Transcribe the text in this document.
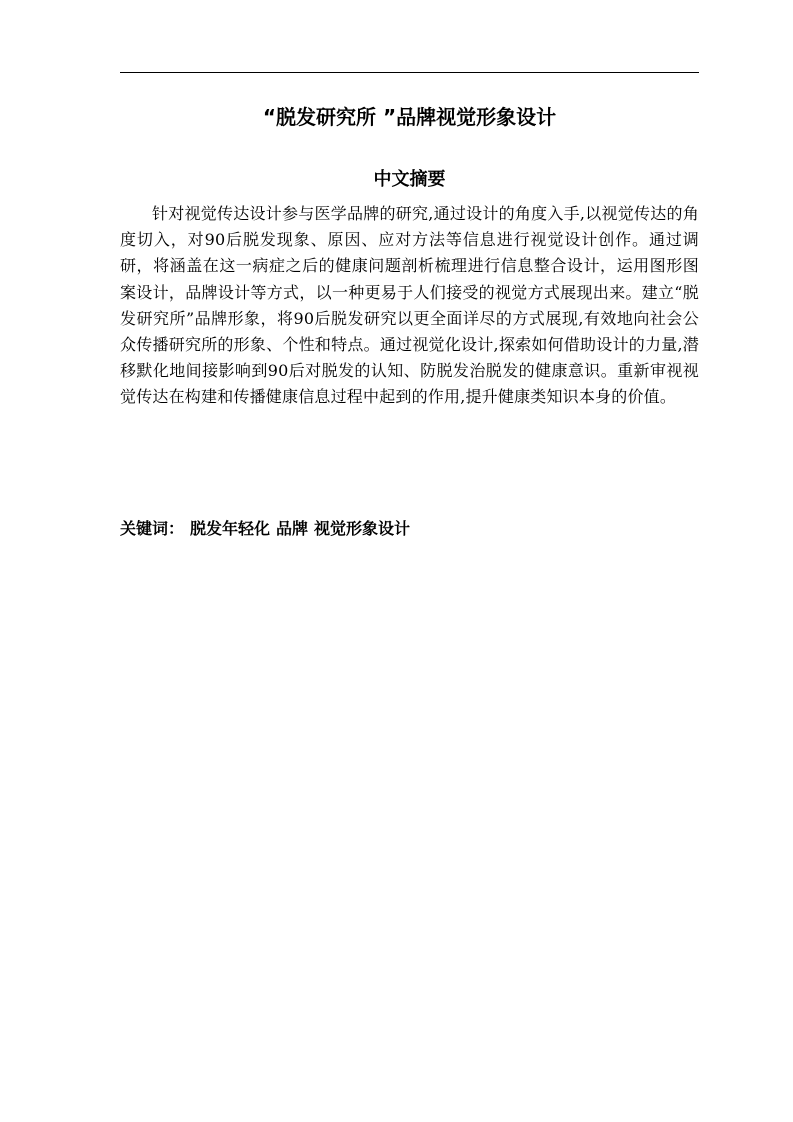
“脱发研究所 ”品牌视觉形象设计
中文摘要

针对视觉传达设计参与医学品牌的研究,通过设计的角度入手,以视觉传达的角度切入，对90后脱发现象、原因、应对方法等信息进行视觉设计创作。通过调研，将涵盖在这一病症之后的健康问题剖析梳理进行信息整合设计，运用图形图案设计，品牌设计等方式，以一种更易于人们接受的视觉方式展现出来。建立“脱发研究所”品牌形象，将90后脱发研究以更全面详尽的方式展现,有效地向社会公众传播研究所的形象、个性和特点。通过视觉化设计,探索如何借助设计的力量,潜移默化地间接影响到90后对脱发的认知、防脱发治脱发的健康意识。重新审视视觉传达在构建和传播健康信息过程中起到的作用,提升健康类知识本身的价值。

关键词： 脱发年轻化 品牌 视觉形象设计
